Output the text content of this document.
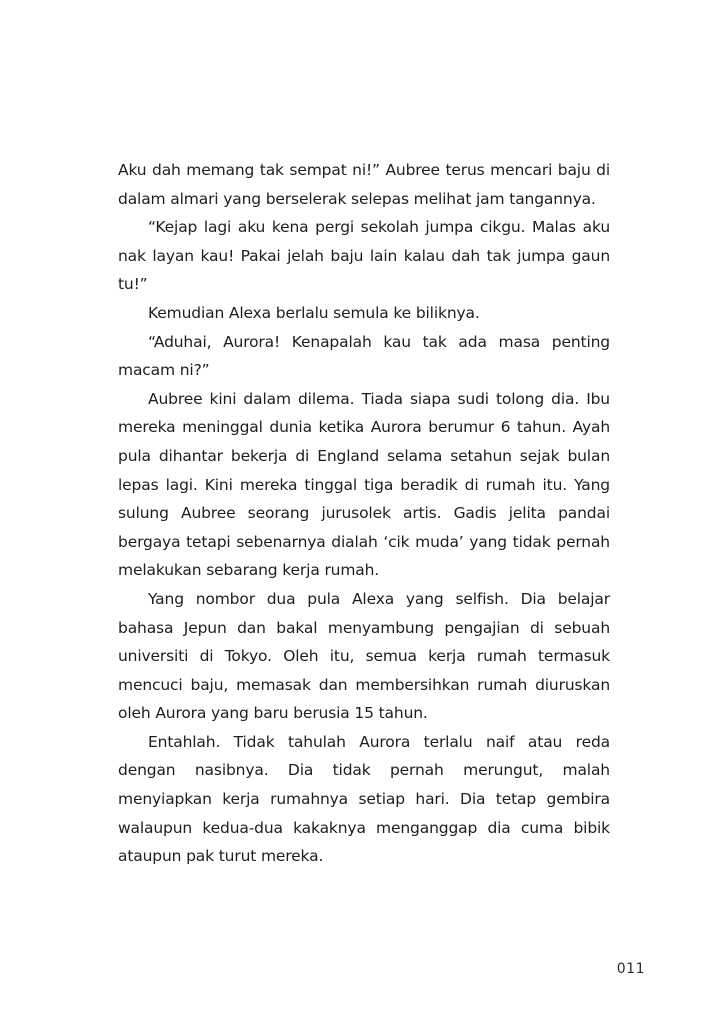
Aku dah memang tak sempat ni!” Aubree terus mencari baju di dalam almari yang berselerak selepas melihat jam tangannya.

“Kejap lagi aku kena pergi sekolah jumpa cikgu. Malas aku nak layan kau! Pakai jelah baju lain kalau dah tak jumpa gaun tu!”

Kemudian Alexa berlalu semula ke biliknya.

“Aduhai, Aurora! Kenapalah kau tak ada masa penting macam ni?”

Aubree kini dalam dilema. Tiada siapa sudi tolong dia. Ibu mereka meninggal dunia ketika Aurora berumur 6 tahun. Ayah pula dihantar bekerja di England selama setahun sejak bulan lepas lagi. Kini mereka tinggal tiga beradik di rumah itu. Yang sulung Aubree seorang jurusolek artis. Gadis jelita pandai bergaya tetapi sebenarnya dialah ‘cik muda’ yang tidak pernah melakukan sebarang kerja rumah.

Yang nombor dua pula Alexa yang selfish. Dia belajar bahasa Jepun dan bakal menyambung pengajian di sebuah universiti di Tokyo. Oleh itu, semua kerja rumah termasuk mencuci baju, memasak dan membersihkan rumah diuruskan oleh Aurora yang baru berusia 15 tahun.

Entahlah. Tidak tahulah Aurora terlalu naif atau reda dengan nasibnya. Dia tidak pernah merungut, malah menyiapkan kerja rumahnya setiap hari. Dia tetap gembira walaupun kedua-dua kakaknya menganggap dia cuma bibik ataupun pak turut mereka.

011
